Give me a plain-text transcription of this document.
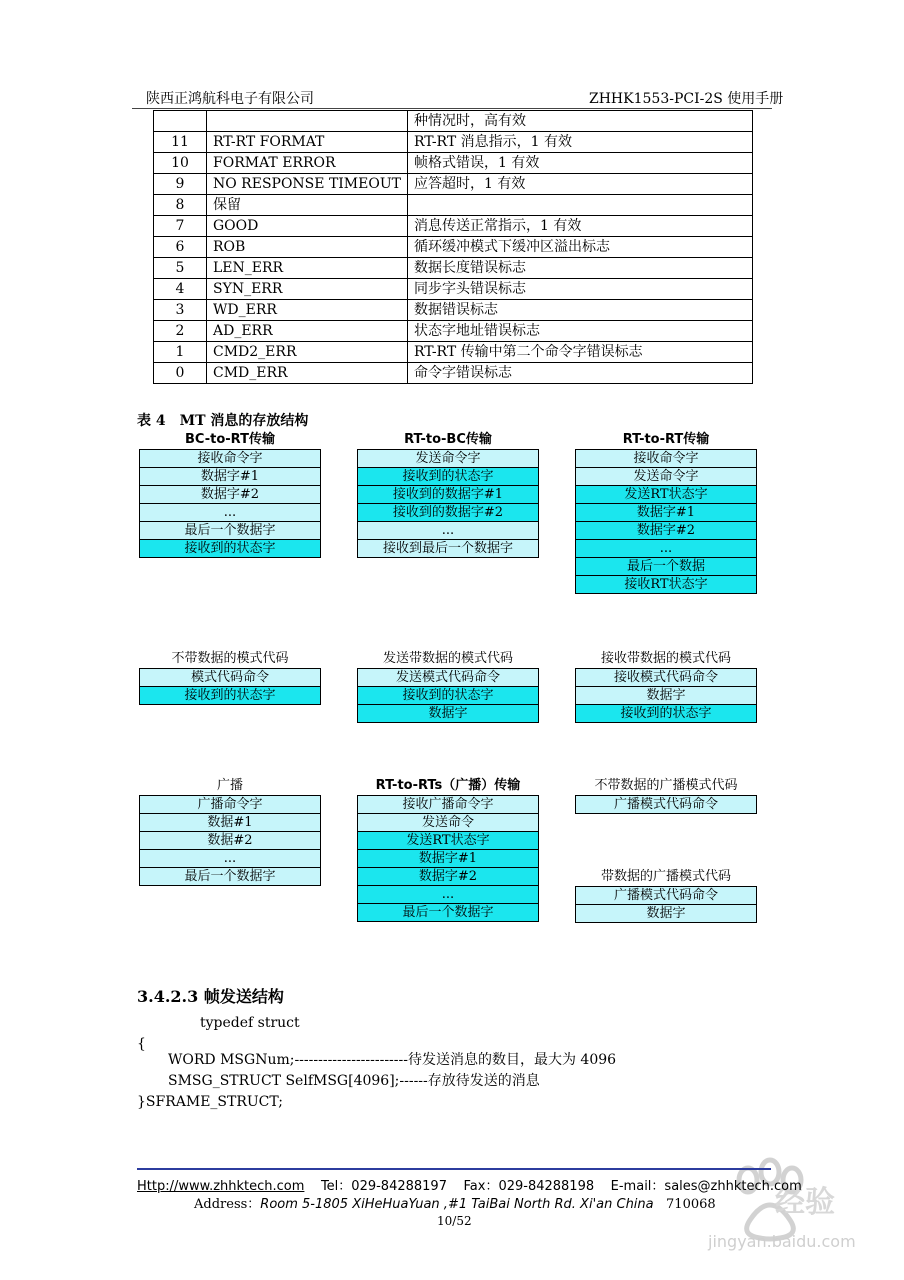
陕西正鸿航科电子有限公司	ZHHK1553-PCI-2S 使用手册
		种情况时，高有效
11	RT-RT FORMAT	RT-RT 消息指示，1 有效
10	FORMAT ERROR	帧格式错误，1 有效
9	NO RESPONSE TIMEOUT	应答超时，1 有效
8	保留	
7	GOOD	消息传送正常指示，1 有效
6	ROB	循环缓冲模式下缓冲区溢出标志
5	LEN_ERR	数据长度错误标志
4	SYN_ERR	同步字头错误标志
3	WD_ERR	数据错误标志
2	AD_ERR	状态字地址错误标志
1	CMD2_ERR	RT-RT 传输中第二个命令字错误标志
0	CMD_ERR	命令字错误标志
表 4　MT 消息的存放结构
BC-to-RT传输
接收命令字
数据字#1
数据字#2
...
最后一个数据字
接收到的状态字
RT-to-BC传输
发送命令字
接收到的状态字
接收到的数据字#1
接收到的数据字#2
...
接收到最后一个数据字
RT-to-RT传输
接收命令字
发送命令字
发送RT状态字
数据字#1
数据字#2
...
最后一个数据
接收RT状态字
不带数据的模式代码
模式代码命令
接收到的状态字
发送带数据的模式代码
发送模式代码命令
接收到的状态字
数据字
接收带数据的模式代码
接收模式代码命令
数据字
接收到的状态字
广播
广播命令字
数据#1
数据#2
...
最后一个数据字
RT-to-RTs（广播）传输
接收广播命令字
发送命令
发送RT状态字
数据字#1
数据字#2
...
最后一个数据字
不带数据的广播模式代码
广播模式代码命令
带数据的广播模式代码
广播模式代码命令
数据字
3.4.2.3 帧发送结构
typedef struct
{
WORD MSGNum;------------------------待发送消息的数目，最大为 4096
SMSG_STRUCT SelfMSG[4096];------存放待发送的消息
}SFRAME_STRUCT;
经验
jingyan.baidu.com
Http://www.zhhktech.com Tel：029-84288197 Fax：029-84288198 E-mail：sales@zhhktech.com
Address：Room 5-1805 XiHeHuaYuan ,#1 TaiBai North Rd. Xi'an China 710068
10/52
